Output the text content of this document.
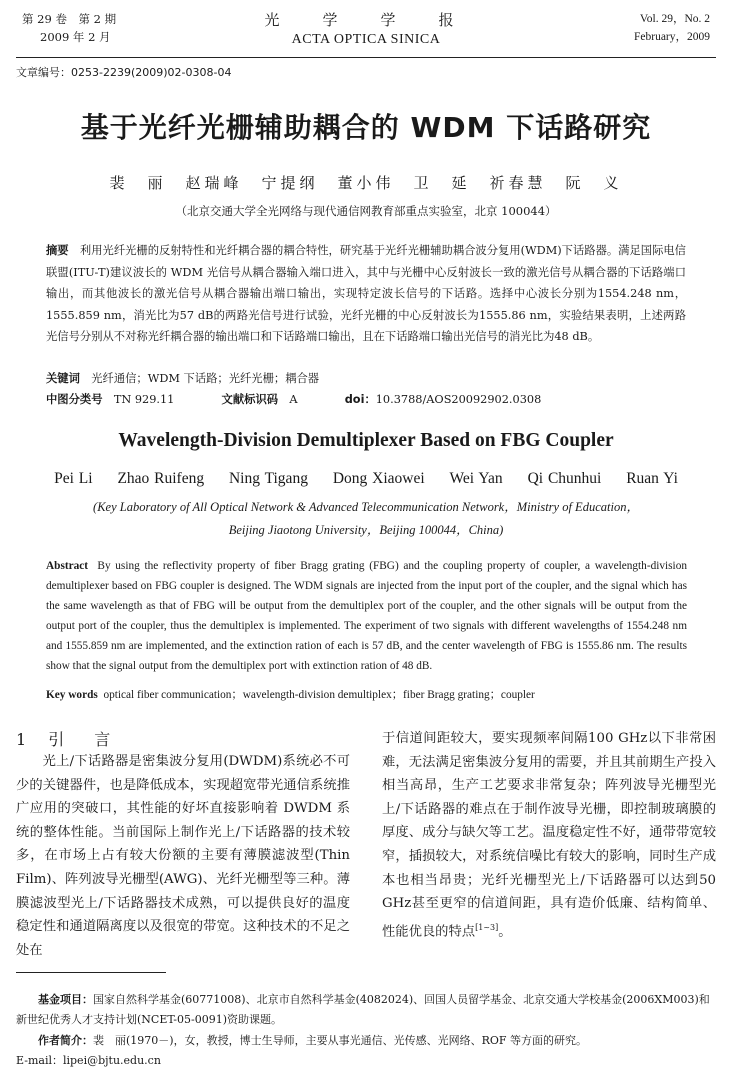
第 29 卷　第 2 期
2009 年 2 月
光　学　学　报
ACTA OPTICA SINICA
Vol. 29，No. 2
February，2009
文章编号：0253-2239(2009)02-0308-04
基于光纤光栅辅助耦合的 WDM 下话路研究
裴　丽　赵瑞峰　宁提纲　董小伟　卫　延　祈春慧　阮　义
（北京交通大学全光网络与现代通信网教育部重点实验室，北京 100044）
摘要　 利用光纤光栅的反射特性和光纤耦合器的耦合特性，研究基于光纤光栅辅助耦合波分复用(WDM)下话路器。满足国际电信联盟(ITU-T)建议波长的 WDM 光信号从耦合器输入端口进入，其中与光栅中心反射波长一致的激光信号从耦合器的下话路端口输出，而其他波长的激光信号从耦合器输出端口输出，实现特定波长信号的下话路。选择中心波长分别为1554.248 nm，1555.859 nm，消光比为57 dB的两路光信号进行试验，光纤光栅的中心反射波长为1555.86 nm，实验结果表明，上述两路光信号分别从不对称光纤耦合器的输出端口和下话路端口输出，且在下话路端口输出光信号的消光比为48 dB。
关键词　 光纤通信；WDM 下话路；光纤光栅；耦合器
中图分类号　 TN 929.11	文献标识码　 A	doi：10.3788/AOS20092902.0308
Wavelength-Division Demultiplexer Based on FBG Coupler
Pei Li Zhao Ruifeng Ning Tigang Dong Xiaowei Wei Yan Qi Chunhui Ruan Yi
(Key Laboratory of All Optical Network & Advanced Telecommunication Network，Ministry of Education，
Beijing Jiaotong University，Beijing 100044，China)
Abstract By using the reflectivity property of fiber Bragg grating (FBG) and the coupling property of coupler, a wavelength-division demultiplexer based on FBG coupler is designed. The WDM signals are injected from the input port of the coupler, and the signal which has the same wavelength as that of FBG will be output from the demultiplex port of the coupler, and the other signals will be output from the output port of the coupler, thus the demultiplex is implemented. The experiment of two signals with different wavelengths of 1554.248 nm and 1555.859 nm are implemented, and the extinction ration of each is 57 dB, and the center wavelength of FBG is 1555.86 nm. The results show that the signal output from the demultiplex port with extinction ration of 48 dB.
Key words optical fiber communication；wavelength-division demultiplex；fiber Bragg grating；coupler
1 引言
光上/下话路器是密集波分复用(DWDM)系统必不可少的关键器件，也是降低成本，实现超宽带光通信系统推广应用的突破口，其性能的好坏直接影响着 DWDM 系统的整体性能。当前国际上制作光上/下话路器的技术较多，在市场上占有较大份额的主要有薄膜滤波型(Thin Film)、阵列波导光栅型(AWG)、光纤光栅型等三种。薄膜滤波型光上/下话路器技术成熟，可以提供良好的温度稳定性和通道隔离度以及很宽的带宽。这种技术的不足之处在
于信道间距较大，要实现频率间隔100 GHz以下非常困难，无法满足密集波分复用的需要，并且其前期生产投入相当高昂，生产工艺要求非常复杂；阵列波导光栅型光上/下话路器的难点在于制作波导光栅，即控制玻璃膜的厚度、成分与缺欠等工艺。温度稳定性不好，通带带宽较窄，插损较大，对系统信噪比有较大的影响，同时生产成本也相当昂贵；光纤光栅型光上/下话路器可以达到50 GHz甚至更窄的信道间距，具有造价低廉、结构简单、性能优良的特点[1~3]。
基金项目：国家自然科学基金(60771008)、北京市自然科学基金(4082024)、回国人员留学基金、北京交通大学校基金(2006XM003)和新世纪优秀人才支持计划(NCET-05-0091)资助课题。
作者简介：裴　丽(1970－)，女，教授，博士生导师，主要从事光通信、光传感、光网络、ROF 等方面的研究。
E-mail：lipei@bjtu.edu.cn
